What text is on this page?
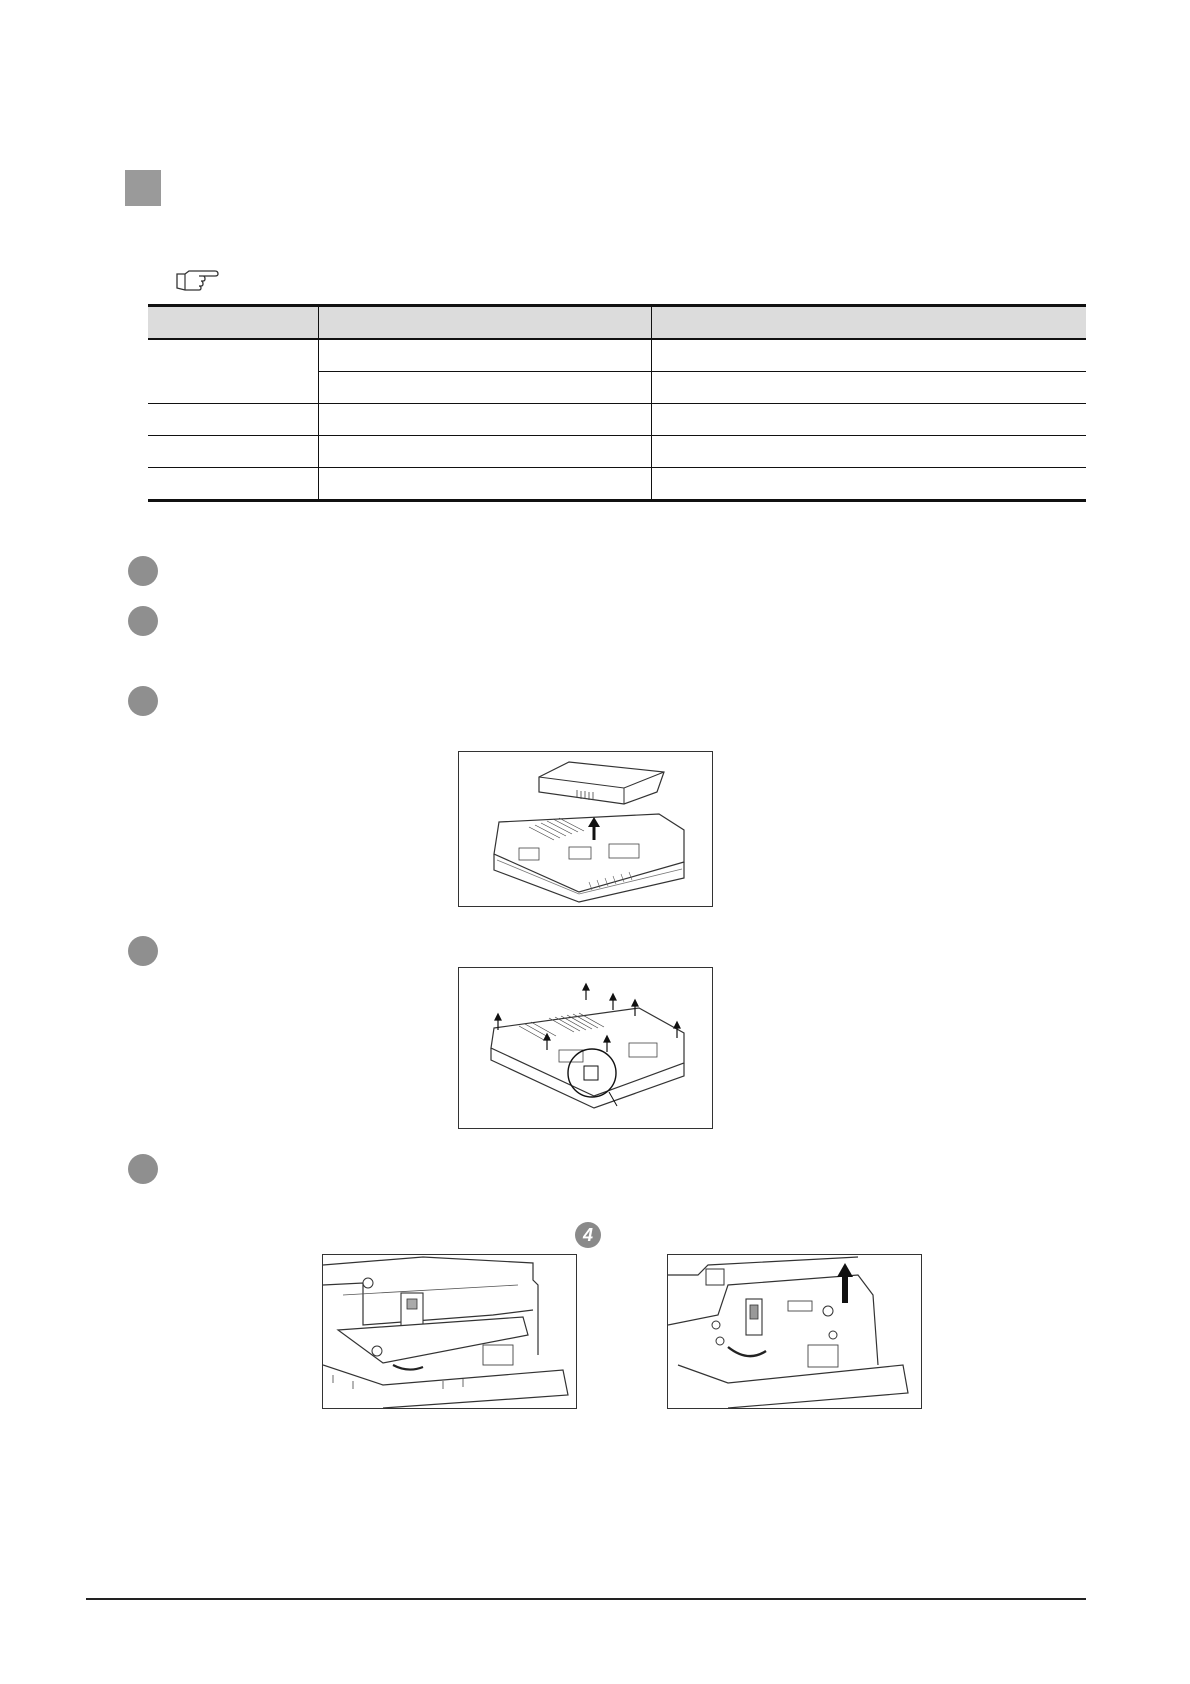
4
